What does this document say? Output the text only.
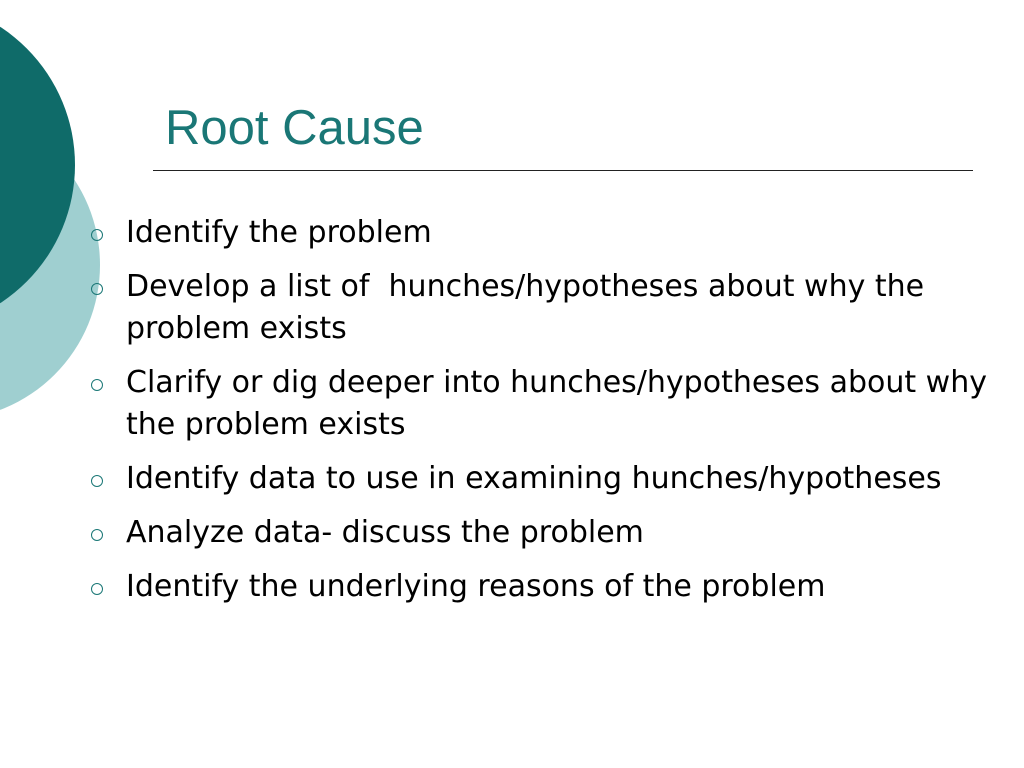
Root Cause
Identify the problem
Develop a list of  hunches/hypotheses about why the problem exists
Clarify or dig deeper into hunches/hypotheses about why the problem exists
Identify data to use in examining hunches/hypotheses
Analyze data- discuss the problem
Identify the underlying reasons of the problem
